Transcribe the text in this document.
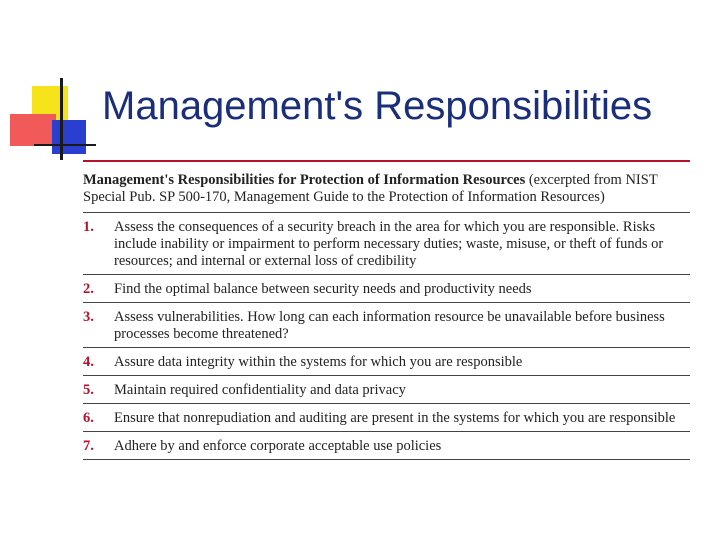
Management's Responsibilities
Management's Responsibilities for Protection of Information Resources (excerpted from NIST Special Pub. SP 500-170, Management Guide to the Protection of Information Resources)
1.	Assess the consequences of a security breach in the area for which you are responsible. Risks include inability or impairment to perform necessary duties; waste, misuse, or theft of funds or resources; and internal or external loss of credibility
2.	Find the optimal balance between security needs and productivity needs
3.	Assess vulnerabilities. How long can each information resource be unavailable before business processes become threatened?
4.	Assure data integrity within the systems for which you are responsible
5.	Maintain required confidentiality and data privacy
6.	Ensure that nonrepudiation and auditing are present in the systems for which you are responsible
7.	Adhere by and enforce corporate acceptable use policies
